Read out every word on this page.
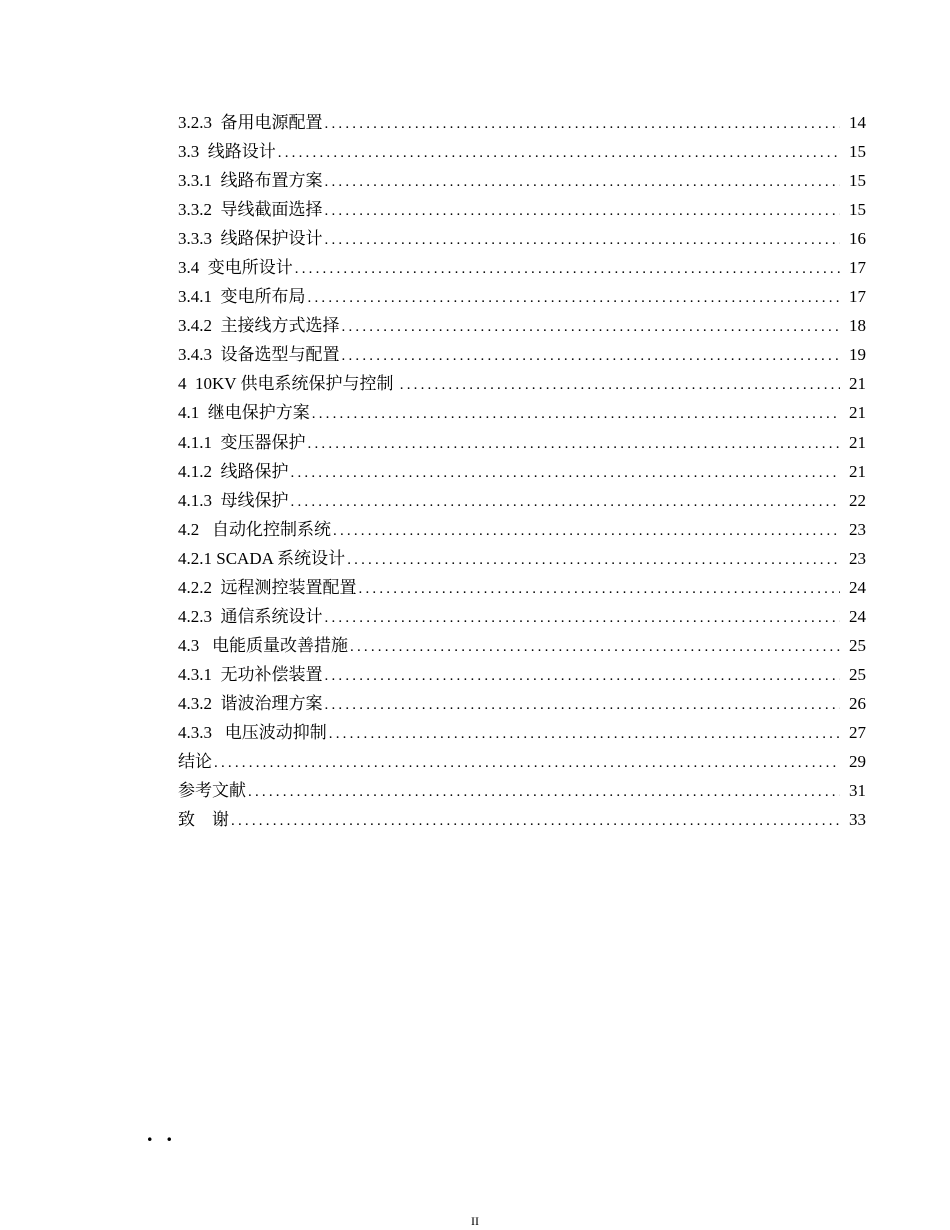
3.2.3  备用电源配置 .....	14
3.3  线路设计 .....	15
3.3.1  线路布置方案 .....	15
3.3.2  导线截面选择 .....	15
3.3.3  线路保护设计 .....	16
3.4  变电所设计 .....	17
3.4.1  变电所布局 .....	17
3.4.2  主接线方式选择 .....	18
3.4.3  设备选型与配置 .....	19
4  10KV 供电系统保护与控制 .....	21
4.1  继电保护方案 .....	21
4.1.1  变压器保护 .....	21
4.1.2  线路保护 .....	21
4.1.3  母线保护 .....	22
4.2   自动化控制系统 .....	23
4.2.1 SCADA 系统设计 .....	23
4.2.2  远程测控装置配置 .....	24
4.2.3  通信系统设计 .....	24
4.3   电能质量改善措施 .....	25
4.3.1  无功补偿装置 .....	25
4.3.2  谐波治理方案 .....	26
4.3.3   电压波动抑制 .....	27
结论 .....	29
参考文献 .....	31
致    谢 .....	33
..
II
